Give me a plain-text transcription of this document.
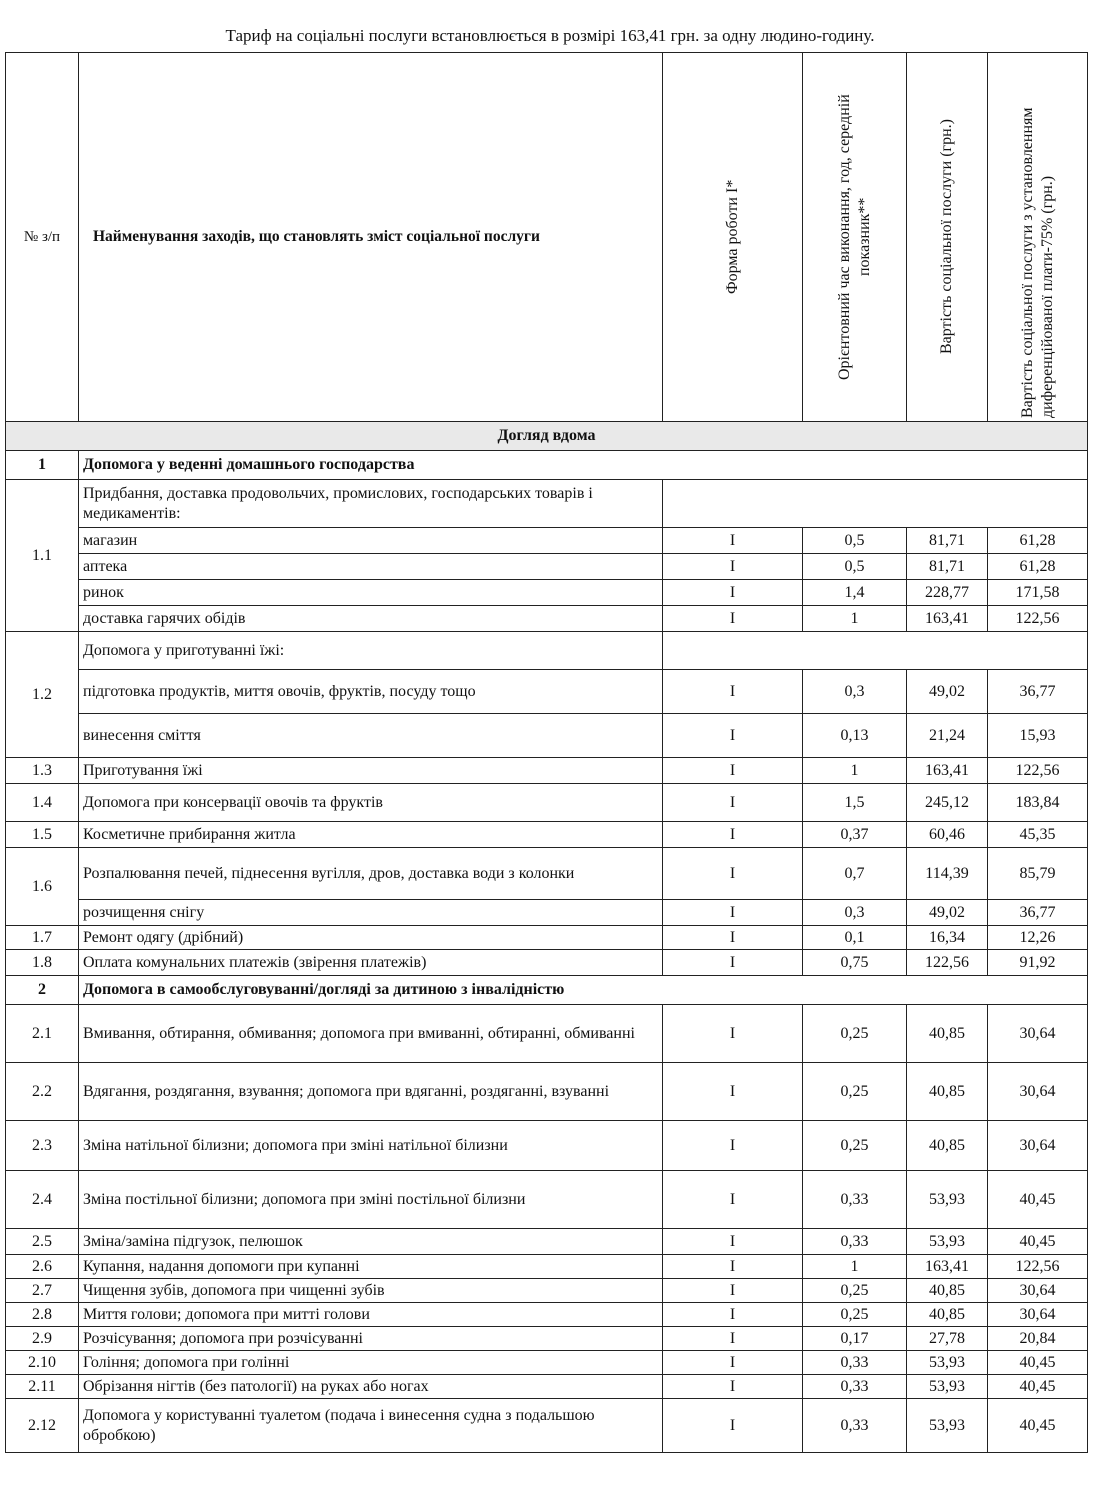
Тариф на соціальні послуги встановлюється в розмірі 163,41 грн. за одну людино-годину.
№ з/п	Найменування заходів, що становлять зміст соціальної послуги	Форма роботи І*	Орієнтовний час виконання, год, середній показник**	Вартість соціальної послуги (грн.)	Вартість соціальної послуги з установленням диференційованої плати-75% (грн.)

Догляд вдома					
1	Допомога у веденні домашнього господарства				
1.1	Придбання, доставка продовольчих, промислових, господарських товарів і медикаментів:				
	магазин	І	0,5	81,71	61,28
	аптека	І	0,5	81,71	61,28
	ринок	І	1,4	228,77	171,58
	доставка гарячих обідів	І	1	163,41	122,56
1.2	Допомога у приготуванні їжі:				
	підготовка продуктів, миття овочів, фруктів, посуду тощо	І	0,3	49,02	36,77
	винесення сміття	І	0,13	21,24	15,93
1.3	Приготування їжі	І	1	163,41	122,56
1.4	Допомога при консервації овочів та фруктів	І	1,5	245,12	183,84
1.5	Косметичне прибирання житла	І	0,37	60,46	45,35
1.6	Розпалювання печей, піднесення вугілля, дров, доставка води з колонки	І	0,7	114,39	85,79
	розчищення снігу	І	0,3	49,02	36,77
1.7	Ремонт одягу (дрібний)	І	0,1	16,34	12,26
1.8	Оплата комунальних платежів (звірення платежів)	І	0,75	122,56	91,92
2	Допомога в самообслуговуванні/догляді за дитиною з інвалідністю				
2.1	Вмивання, обтирання, обмивання; допомога при вмиванні, обтиранні, обмиванні	І	0,25	40,85	30,64
2.2	Вдягання, роздягання, взування; допомога при вдяганні, роздяганні, взуванні	І	0,25	40,85	30,64
2.3	Зміна натільної білизни; допомога при зміні натільної білизни	І	0,25	40,85	30,64
2.4	Зміна постільної білизни; допомога при зміні постільної білизни	І	0,33	53,93	40,45
2.5	Зміна/заміна підгузок, пелюшок	І	0,33	53,93	40,45
2.6	Купання, надання допомоги при купанні	І	1	163,41	122,56
2.7	Чищення зубів, допомога при чищенні зубів	І	0,25	40,85	30,64
2.8	Миття голови; допомога при митті голови	І	0,25	40,85	30,64
2.9	Розчісування; допомога при розчісуванні	І	0,17	27,78	20,84
2.10	Гоління; допомога при голінні	І	0,33	53,93	40,45
2.11	Обрізання нігтів (без патології) на руках або ногах	І	0,33	53,93	40,45
2.12	Допомога у користуванні туалетом (подача і винесення судна з подальшою обробкою)	І	0,33	53,93	40,45
